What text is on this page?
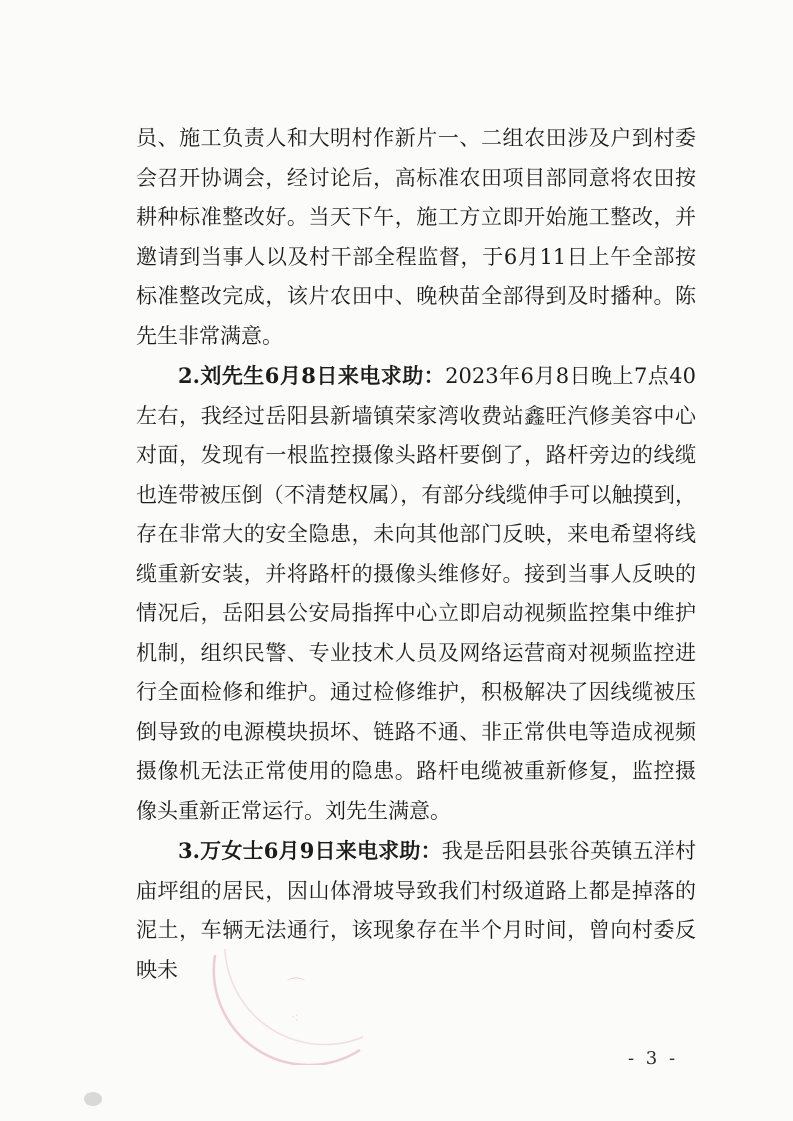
⌒
·:

员、施工负责人和大明村作新片一、二组农田涉及户到村委会召开协调会，经讨论后，高标准农田项目部同意将农田按耕种标准整改好。当天下午，施工方立即开始施工整改，并邀请到当事人以及村干部全程监督，于6月11日上午全部按标准整改完成，该片农田中、晚秧苗全部得到及时播种。陈先生非常满意。

2.刘先生6月8日来电求助：2023年6月8日晚上7点40左右，我经过岳阳县新墙镇荣家湾收费站鑫旺汽修美容中心对面，发现有一根监控摄像头路杆要倒了，路杆旁边的线缆也连带被压倒（不清楚权属），有部分线缆伸手可以触摸到，存在非常大的安全隐患，未向其他部门反映，来电希望将线缆重新安装，并将路杆的摄像头维修好。接到当事人反映的情况后，岳阳县公安局指挥中心立即启动视频监控集中维护机制，组织民警、专业技术人员及网络运营商对视频监控进行全面检修和维护。通过检修维护，积极解决了因线缆被压倒导致的电源模块损坏、链路不通、非正常供电等造成视频摄像机无法正常使用的隐患。路杆电缆被重新修复，监控摄像头重新正常运行。刘先生满意。

3.万女士6月9日来电求助：我是岳阳县张谷英镇五洋村庙坪组的居民，因山体滑坡导致我们村级道路上都是掉落的泥土，车辆无法通行，该现象存在半个月时间，曾向村委反映未

- 3 -
